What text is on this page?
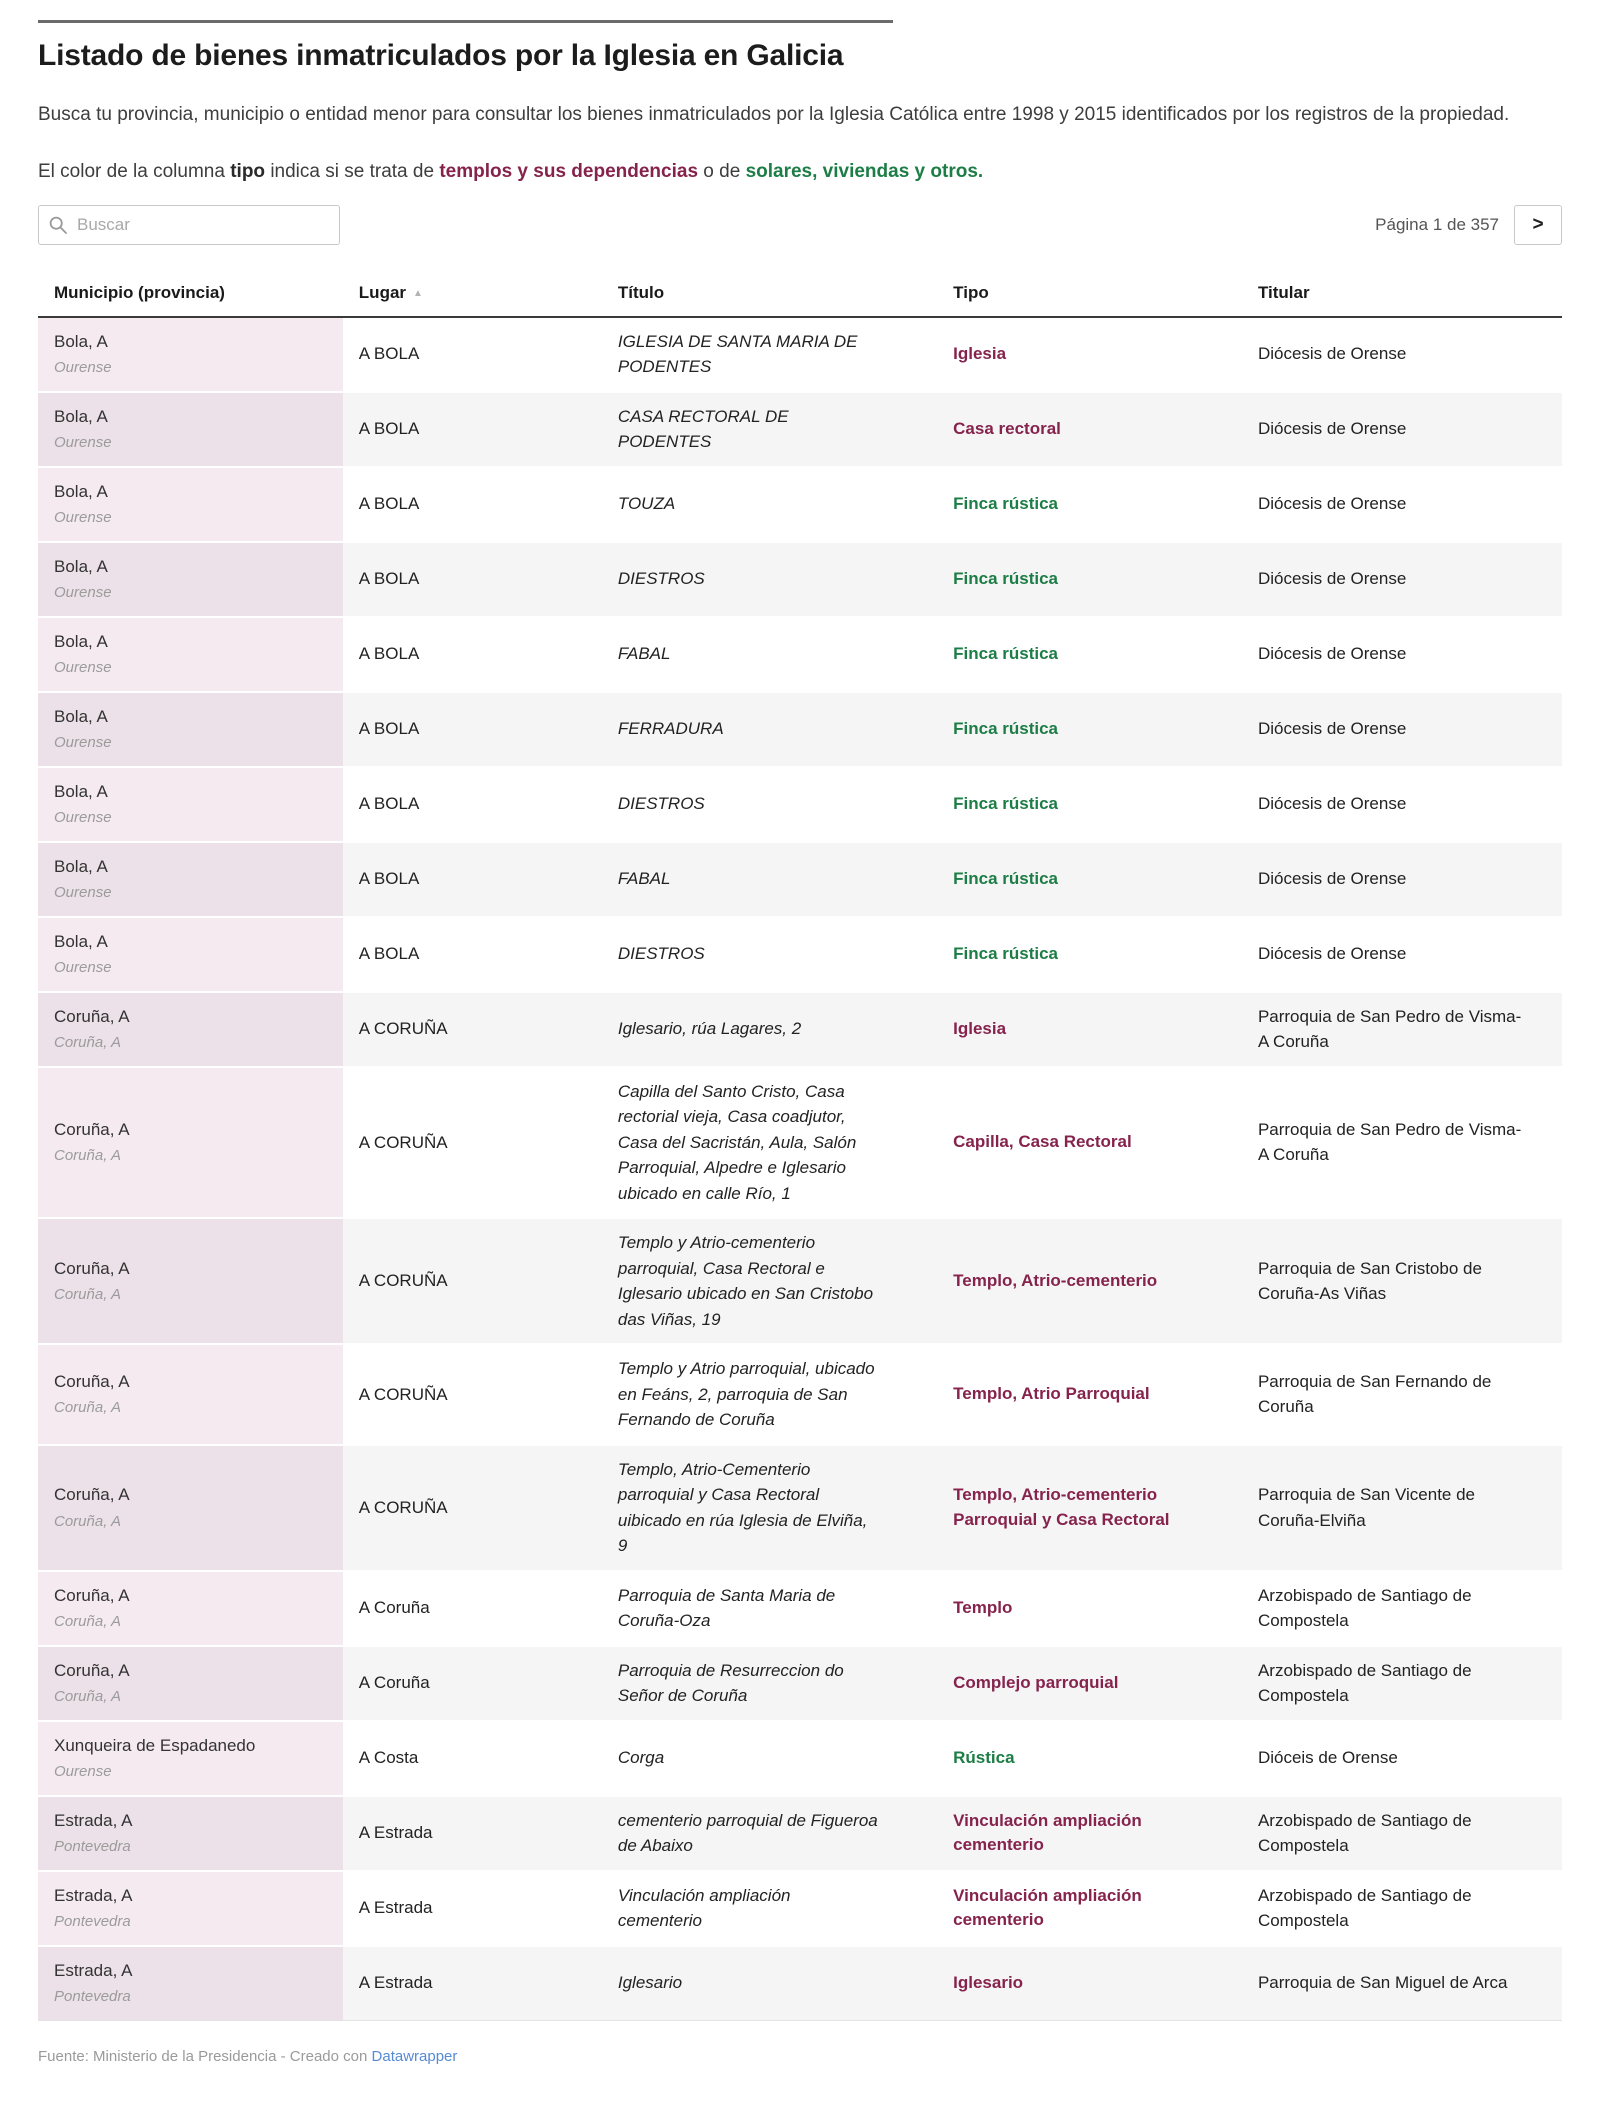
Listado de bienes inmatriculados por la Iglesia en Galicia

Busca tu provincia, municipio o entidad menor para consultar los bienes inmatriculados por la Iglesia Católica entre 1998 y 2015 identificados por los registros de la propiedad.

El color de la columna tipo indica si se trata de templos y sus dependencias o de solares, viviendas y otros.

Buscar
Página 1 de 357 >
Municipio (provincia)	Lugar ▲	Título	Tipo	Titular

Bola, A
Ourense	A BOLA	IGLESIA DE SANTA MARIA DE PODENTES	Iglesia	Diócesis de Orense

Bola, A
Ourense	A BOLA	CASA RECTORAL DE PODENTES	Casa rectoral	Diócesis de Orense

Bola, A
Ourense	A BOLA	TOUZA	Finca rústica	Diócesis de Orense

Bola, A
Ourense	A BOLA	DIESTROS	Finca rústica	Diócesis de Orense

Bola, A
Ourense	A BOLA	FABAL	Finca rústica	Diócesis de Orense

Bola, A
Ourense	A BOLA	FERRADURA	Finca rústica	Diócesis de Orense

Bola, A
Ourense	A BOLA	DIESTROS	Finca rústica	Diócesis de Orense

Bola, A
Ourense	A BOLA	FABAL	Finca rústica	Diócesis de Orense

Bola, A
Ourense	A BOLA	DIESTROS	Finca rústica	Diócesis de Orense

Coruña, A
Coruña, A	A CORUÑA	Iglesario, rúa Lagares, 2	Iglesia	Parroquia de San Pedro de Visma-A Coruña

Coruña, A
Coruña, A	A CORUÑA	Capilla del Santo Cristo, Casa rectorial vieja, Casa coadjutor, Casa del Sacristán, Aula, Salón Parroquial, Alpedre e Iglesario ubicado en calle Río, 1	Capilla, Casa Rectoral	Parroquia de San Pedro de Visma-A Coruña

Coruña, A
Coruña, A	A CORUÑA	Templo y Atrio-cementerio parroquial, Casa Rectoral e Iglesario ubicado en San Cristobo das Viñas, 19	Templo, Atrio-cementerio	Parroquia de San Cristobo de Coruña-As Viñas

Coruña, A
Coruña, A	A CORUÑA	Templo y Atrio parroquial, ubicado en Feáns, 2, parroquia de San Fernando de Coruña	Templo, Atrio Parroquial	Parroquia de San Fernando de Coruña

Coruña, A
Coruña, A	A CORUÑA	Templo, Atrio-Cementerio parroquial y Casa Rectoral uibicado en rúa Iglesia de Elviña, 9	Templo, Atrio-cementerio Parroquial y Casa Rectoral	Parroquia de San Vicente de Coruña-Elviña

Coruña, A
Coruña, A	A Coruña	Parroquia de Santa Maria de Coruña-Oza	Templo	Arzobispado de Santiago de Compostela

Coruña, A
Coruña, A	A Coruña	Parroquia de Resurreccion do Señor de Coruña	Complejo parroquial	Arzobispado de Santiago de Compostela

Xunqueira de Espadanedo
Ourense	A Costa	Corga	Rústica	Dióceis de Orense

Estrada, A
Pontevedra	A Estrada	cementerio parroquial de Figueroa de Abaixo	Vinculación ampliación cementerio	Arzobispado de Santiago de Compostela

Estrada, A
Pontevedra	A Estrada	Vinculación ampliación cementerio	Vinculación ampliación cementerio	Arzobispado de Santiago de Compostela

Estrada, A
Pontevedra	A Estrada	Iglesario	Iglesario	Parroquia de San Miguel de Arca
Fuente: Ministerio de la Presidencia - Creado con Datawrapper
